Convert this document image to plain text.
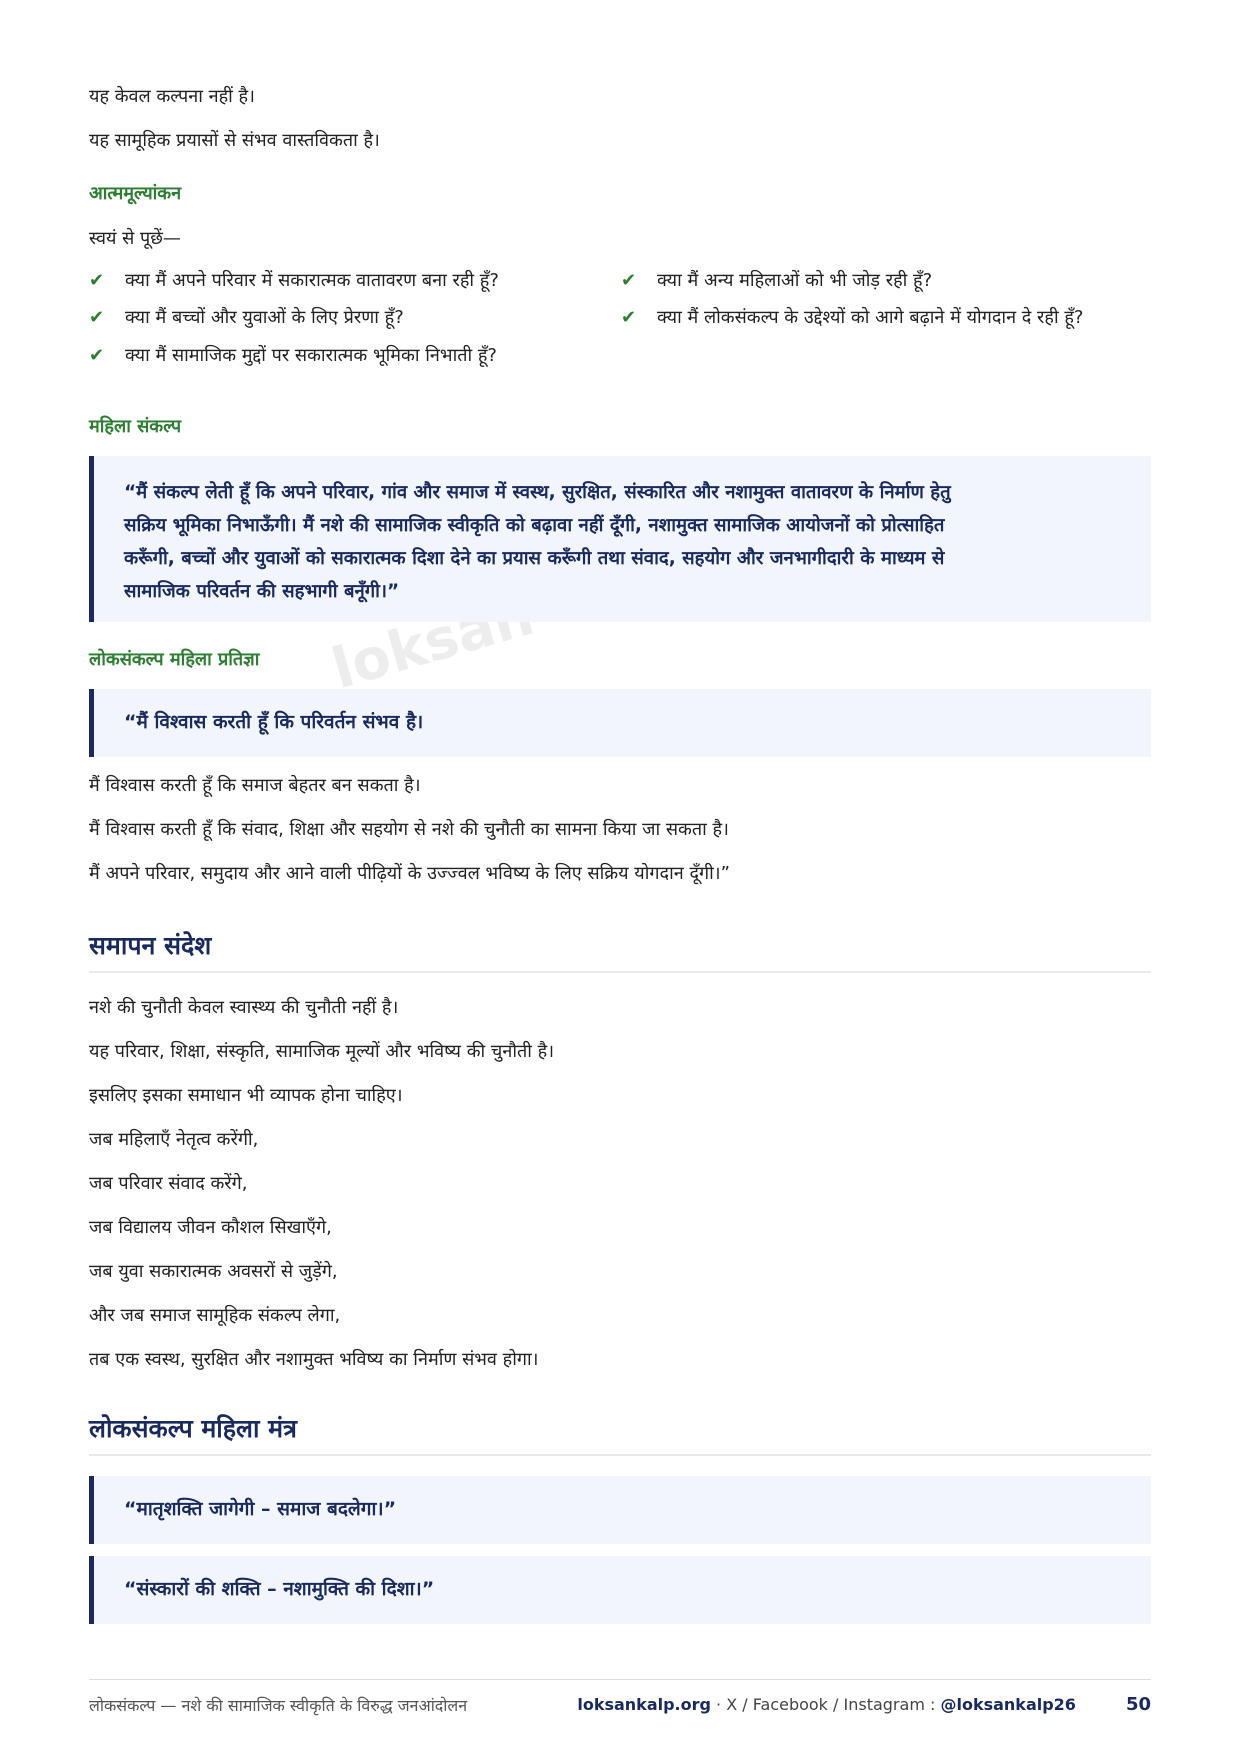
loksan

यह केवल कल्पना नहीं है।

यह सामूहिक प्रयासों से संभव वास्तविकता है।

आत्ममूल्यांकन

स्वयं से पूछें—

✔ क्या मैं अपने परिवार में सकारात्मक वातावरण बना रही हूँ?
✔ क्या मैं बच्चों और युवाओं के लिए प्रेरणा हूँ?
✔ क्या मैं सामाजिक मुद्दों पर सकारात्मक भूमिका निभाती हूँ?
✔ क्या मैं अन्य महिलाओं को भी जोड़ रही हूँ?
✔ क्या मैं लोकसंकल्प के उद्देश्यों को आगे बढ़ाने में योगदान दे रही हूँ?

महिला संकल्प

“मैं संकल्प लेती हूँ कि अपने परिवार, गांव और समाज में स्वस्थ, सुरक्षित, संस्कारित और नशामुक्त वातावरण के निर्माण हेतु

सक्रिय भूमिका निभाऊँगी। मैं नशे की सामाजिक स्वीकृति को बढ़ावा नहीं दूँगी, नशामुक्त सामाजिक आयोजनों को प्रोत्साहित

करूँगी, बच्चों और युवाओं को सकारात्मक दिशा देने का प्रयास करूँगी तथा संवाद, सहयोग और जनभागीदारी के माध्यम से

सामाजिक परिवर्तन की सहभागी बनूँगी।”

लोकसंकल्प महिला प्रतिज्ञा

“मैं विश्वास करती हूँ कि परिवर्तन संभव है।

मैं विश्वास करती हूँ कि समाज बेहतर बन सकता है।

मैं विश्वास करती हूँ कि संवाद, शिक्षा और सहयोग से नशे की चुनौती का सामना किया जा सकता है।

मैं अपने परिवार, समुदाय और आने वाली पीढ़ियों के उज्ज्वल भविष्य के लिए सक्रिय योगदान दूँगी।”

समापन संदेश

नशे की चुनौती केवल स्वास्थ्य की चुनौती नहीं है।

यह परिवार, शिक्षा, संस्कृति, सामाजिक मूल्यों और भविष्य की चुनौती है।

इसलिए इसका समाधान भी व्यापक होना चाहिए।

जब महिलाएँ नेतृत्व करेंगी,

जब परिवार संवाद करेंगे,

जब विद्यालय जीवन कौशल सिखाएँगे,

जब युवा सकारात्मक अवसरों से जुड़ेंगे,

और जब समाज सामूहिक संकल्प लेगा,

तब एक स्वस्थ, सुरक्षित और नशामुक्त भविष्य का निर्माण संभव होगा।

लोकसंकल्प महिला मंत्र

“मातृशक्ति जागेगी – समाज बदलेगा।”

“संस्कारों की शक्ति – नशामुक्ति की दिशा।”

लोकसंकल्प — नशे की सामाजिक स्वीकृति के विरुद्ध जनआंदोलन	loksankalp.org · X / Facebook / Instagram : @loksankalp26	50
